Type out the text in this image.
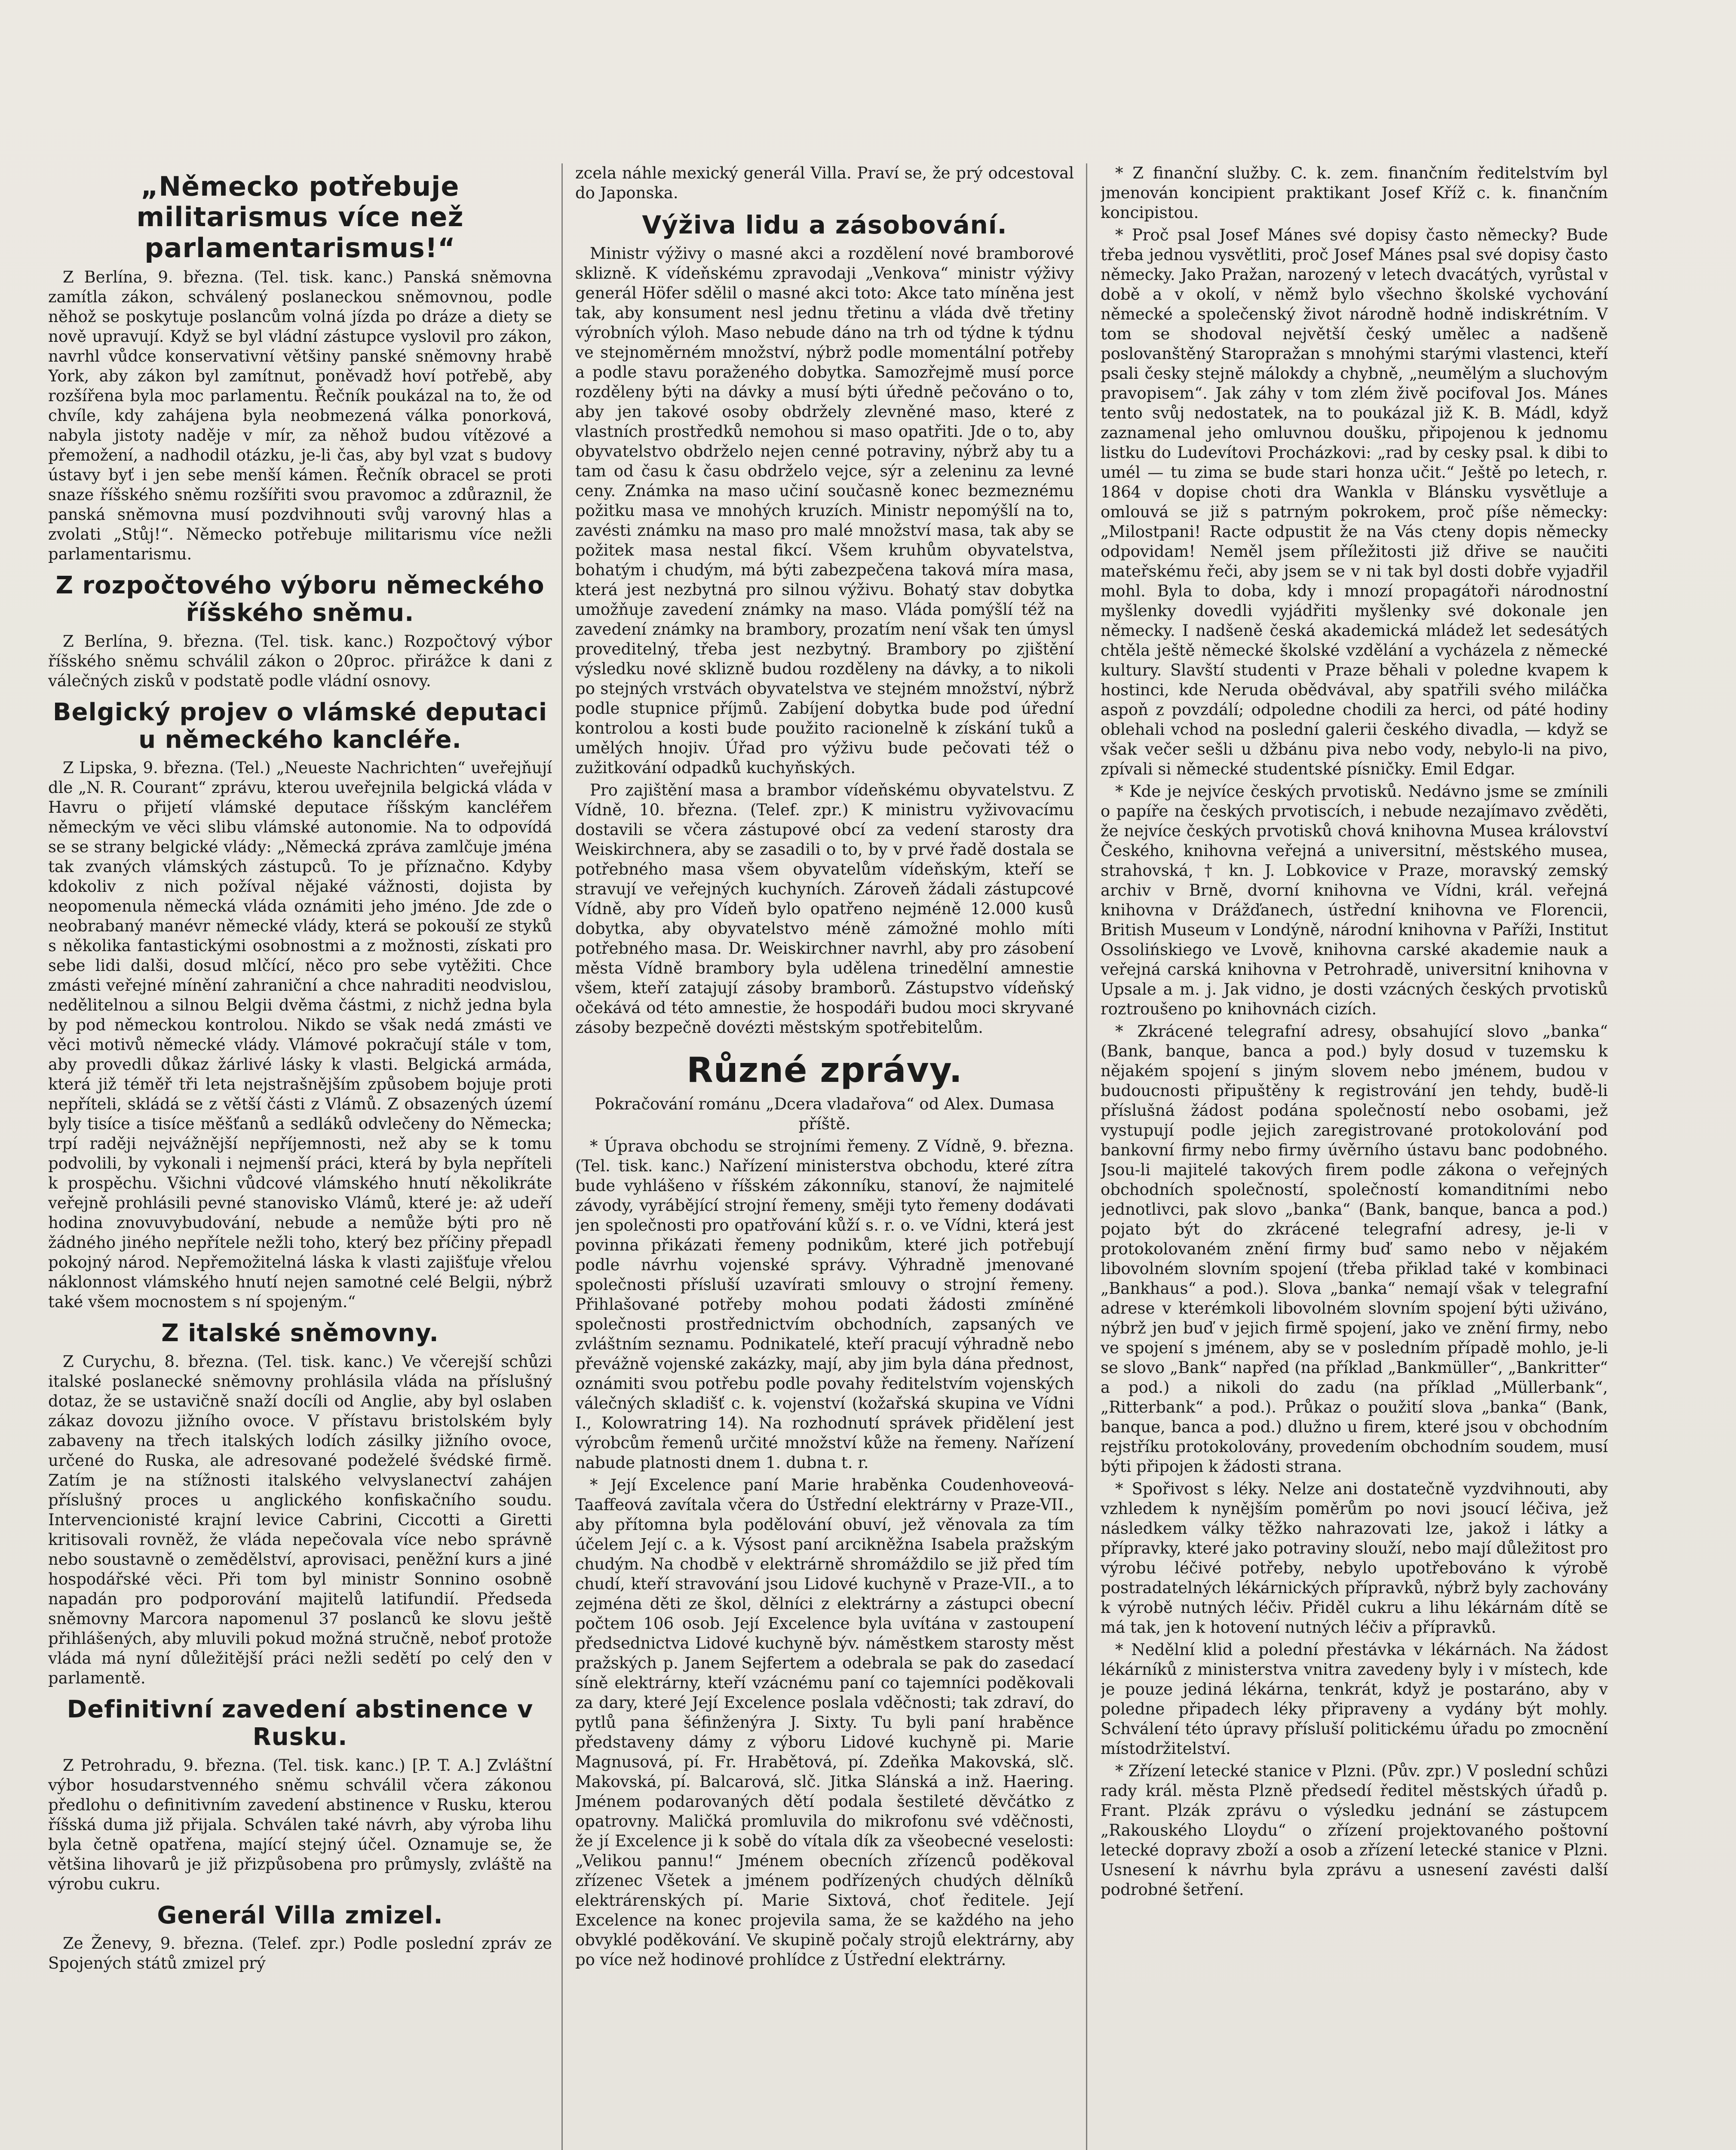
„Německo potřebuje militarismus více než parlamentarismus!“

Z Berlína, 9. března. (Tel. tisk. kanc.) Panská sněmovna zamítla zákon, schválený poslaneckou sněmovnou, podle něhož se poskytuje poslancům volná jízda po dráze a diety se nově upravují. Když se byl vládní zástupce vyslovil pro zákon, navrhl vůdce konservativní většiny panské sněmovny hrabě York, aby zákon byl zamítnut, poněvadž hoví potřebě, aby rozšířena byla moc parlamentu. Řečník poukázal na to, že od chvíle, kdy zahájena byla neobmezená válka ponorková, nabyla jistoty naděje v mír, za něhož budou vítězové a přemožení, a nadhodil otázku, je-li čas, aby byl vzat s budovy ústavy byť i jen sebe menší kámen. Řečník obracel se proti snaze říšského sněmu rozšířiti svou pravomoc a zdůraznil, že panská sněmovna musí pozdvihnouti svůj varovný hlas a zvolati „Stůj!“. Německo potřebuje militarismu více nežli parlamentarismu.

Z rozpočtového výboru německého říšského sněmu.

Z Berlína, 9. března. (Tel. tisk. kanc.) Rozpočtový výbor říšského sněmu schválil zákon o 20proc. přirážce k dani z válečných zisků v podstatě podle vládní osnovy.

Belgický projev o vlámské deputaci u německého kancléře.

Z Lipska, 9. března. (Tel.) „Neueste Nachrichten“ uveřejňují dle „N. R. Courant“ zprávu, kterou uveřejnila belgická vláda v Havru o přijetí vlámské deputace říšským kancléřem německým ve věci slibu vlámské autonomie. Na to odpovídá se se strany belgické vlády: „Německá zpráva zamlčuje jména tak zvaných vlámských zástupců. To je příznačno. Kdyby kdokoliv z nich požíval nějaké vážnosti, dojista by neopomenula německá vláda oznámiti jeho jméno. Jde zde o neobrabaný manévr německé vlády, která se pokouší ze styků s několika fantastickými osobnostmi a z možnosti, získati pro sebe lidi dalši, dosud mlčící, něco pro sebe vytěžiti. Chce zmásti veřejné mínění zahraniční a chce nahraditi neodvislou, nedělitelnou a silnou Belgii dvěma částmi, z nichž jedna byla by pod německou kontrolou. Nikdo se však nedá zmásti ve věci motivů německé vlády. Vlámové pokračují stále v tom, aby provedli důkaz žárlivé lásky k vlasti. Belgická armáda, která již téměř tři leta nejstrašnějším způsobem bojuje proti nepříteli, skládá se z větší části z Vlámů. Z obsazených území byly tisíce a tisíce měšťanů a sedláků odvlečeny do Německa; trpí raději nejvážnější nepříjemnosti, než aby se k tomu podvolili, by vykonali i nejmenší práci, která by byla nepříteli k prospěchu. Všichni vůdcové vlámského hnutí několikráte veřejně prohlásili pevné stanovisko Vlámů, které je: až udeří hodina znovuvybudování, nebude a nemůže býti pro ně žádného jiného nepřítele nežli toho, který bez příčiny přepadl pokojný národ. Nepřemožitelná láska k vlasti zajišťuje vřelou náklonnost vlámského hnutí nejen samotné celé Belgii, nýbrž také všem mocnostem s ní spojeným.“

Z italské sněmovny.

Z Curychu, 8. března. (Tel. tisk. kanc.) Ve včerejší schůzi italské poslanecké sněmovny prohlásila vláda na příslušný dotaz, že se ustavičně snaží docíli od Anglie, aby byl oslaben zákaz dovozu jižního ovoce. V přístavu bristolském byly zabaveny na třech italských lodích zásilky jižního ovoce, určené do Ruska, ale adresované podeželé švédské firmě. Zatím je na stížnosti italského velvyslanectví zahájen příslušný proces u anglického konfiskačního soudu. Intervencionisté krajní levice Cabrini, Ciccotti a Giretti kritisovali rovněž, že vláda nepečovala více nebo správně nebo soustavně o zemědělství, aprovisaci, peněžní kurs a jiné hospodářské věci. Při tom byl ministr Sonnino osobně napadán pro podporování majitelů latifundií. Předseda sněmovny Marcora napomenul 37 poslanců ke slovu ještě přihlášených, aby mluvili pokud možná stručně, neboť protože vláda má nyní důležitější práci nežli sedětí po celý den v parlamentě.

Definitivní zavedení abstinence v Rusku.

Z Petrohradu, 9. března. (Tel. tisk. kanc.) [P. T. A.] Zvláštní výbor hosudarstvenného sněmu schválil včera zákonou předlohu o definitivním zavedení abstinence v Rusku, kterou říšská duma již přijala. Schválen také návrh, aby výroba lihu byla četně opatřena, mající stejný účel. Oznamuje se, že většina lihovarů je již přizpůsobena pro průmysly, zvláště na výrobu cukru.

Generál Villa zmizel.

Ze Ženevy, 9. března. (Telef. zpr.) Podle poslední zpráv ze Spojených států zmizel prý

zcela náhle mexický generál Villa. Praví se, že prý odcestoval do Japonska.

Výživa lidu a zásobování.

Ministr výživy o masné akci a rozdělení nové bramborové sklizně. K vídeňskému zpravodaji „Venkova“ ministr výživy generál Höfer sdělil o masné akci toto: Akce tato míněna jest tak, aby konsument nesl jednu třetinu a vláda dvě třetiny výrobních výloh. Maso nebude dáno na trh od týdne k týdnu ve stejnoměrném množství, nýbrž podle momentální potřeby a podle stavu poraženého dobytka. Samozřejmě musí porce rozděleny býti na dávky a musí býti úředně pečováno o to, aby jen takové osoby obdržely zlevněné maso, které z vlastních prostředků nemohou si maso opatřiti. Jde o to, aby obyvatelstvo obdrželo nejen cenné potraviny, nýbrž aby tu a tam od času k času obdrželo vejce, sýr a zeleninu za levné ceny. Známka na maso učiní současně konec bezmeznému požitku masa ve mnohých kruzích. Ministr nepomýšlí na to, zavésti známku na maso pro malé množství masa, tak aby se požitek masa nestal fikcí. Všem kruhům obyvatelstva, bohatým i chudým, má býti zabezpečena taková míra masa, která jest nezbytná pro silnou výživu. Bohatý stav dobytka umožňuje zavedení známky na maso. Vláda pomýšlí též na zavedení známky na brambory, prozatím není však ten úmysl proveditelný, třeba jest nezbytný. Brambory po zjištění výsledku nové sklizně budou rozděleny na dávky, a to nikoli po stejných vrstvách obyvatelstva ve stejném množství, nýbrž podle stupnice příjmů. Zabíjení dobytka bude pod úřední kontrolou a kosti bude použito racionelně k získání tuků a umělých hnojiv. Úřad pro výživu bude pečovati též o zužitkování odpadků kuchyňských.

Pro zajištění masa a brambor vídeňskému obyvatelstvu. Z Vídně, 10. března. (Telef. zpr.) K ministru vyživovacímu dostavili se včera zástupové obcí za vedení starosty dra Weiskirchnera, aby se zasadili o to, by v prvé řadě dostala se potřebného masa všem obyvatelům vídeňským, kteří se stravují ve veřejných kuchyních. Zároveň žádali zástupcové Vídně, aby pro Vídeň bylo opatřeno nejméně 12.000 kusů dobytka, aby obyvatelstvo méně zámožné mohlo míti potřebného masa. Dr. Weiskirchner navrhl, aby pro zásobení města Vídně brambory byla udělena trinedělní amnestie všem, kteří zatajují zásoby bramborů. Zástupstvo vídeňský očekává od této amnestie, že hospodáři budou moci skryvané zásoby bezpečně dovézti městským spotřebitelům.

Různé zprávy.

Pokračování románu „Dcera vladařova“ od Alex. Dumasa příště.

* Úprava obchodu se strojními řemeny. Z Vídně, 9. března. (Tel. tisk. kanc.) Nařízení ministerstva obchodu, které zítra bude vyhlášeno v říšském zákonníku, stanoví, že najmitelé závody, vyrábějící strojní řemeny, směji tyto řemeny dodávati jen společnosti pro opatřování kůží s. r. o. ve Vídni, která jest povinna přikázati řemeny podnikům, které jich potřebují podle návrhu vojenské správy. Výhradně jmenované společnosti přísluší uzavírati smlouvy o strojní řemeny. Přihlašované potřeby mohou podati žádosti zmíněné společnosti prostřednictvím obchodních, zapsaných ve zvláštním seznamu. Podnikatelé, kteří pracují výhradně nebo převážně vojenské zakázky, mají, aby jim byla dána přednost, oznámiti svou potřebu podle povahy ředitelstvím vojenských válečných skladišť c. k. vojenství (kožařská skupina ve Vídni I., Kolowratring 14). Na rozhodnutí správek přidělení jest výrobcům řemenů určité množství kůže na řemeny. Nařízení nabude platnosti dnem 1. dubna t. r.

* Její Excelence paní Marie hraběnka Coudenhoveová-Taaffeová zavítala včera do Ústřední elektrárny v Praze-VII., aby přítomna byla podělování obuví, jež věnovala za tím účelem Její c. a k. Výsost paní arcikněžna Isabela pražským chudým. Na chodbě v elektrárně shromáždilo se již před tím chudí, kteří stravování jsou Lidové kuchyně v Praze-VII., a to zejména děti ze škol, dělníci z elektrárny a zástupci obecní počtem 106 osob. Její Excelence byla uvítána v zastoupení předsednictva Lidové kuchyně býv. náměstkem starosty měst pražských p. Janem Sejfertem a odebrala se pak do zasedací síně elektrárny, kteří vzácnému paní co tajemníci poděkovali za dary, které Její Excelence poslala vděčnosti; tak zdraví, do pytlů pana šéfinženýra J. Sixty. Tu byli paní hraběnce představeny dámy z výboru Lidové kuchyně pi. Marie Magnusová, pí. Fr. Hrabětová, pí. Zdeňka Makovská, slč. Makovská, pí. Balcarová, slč. Jitka Slánská a inž. Haering. Jménem podarovaných dětí podala šestileté děvčátko z opatrovny. Maličká promluvila do mikrofonu své vděčnosti, že jí Excelence ji k sobě do vítala dík za všeobecné veselosti: „Velikou pannu!“ Jménem obecních zřízenců poděkoval zřízenec Všetek a jménem podřízených chudých dělníků elektrárenských pí. Marie Sixtová, choť ředitele. Její Excelence na konec projevila sama, že se každého na jeho obvyklé poděkování. Ve skupině počaly strojů elektrárny, aby po více než hodinové prohlídce z Ústřední elektrárny.

* Z finanční služby. C. k. zem. finančním ředitelstvím byl jmenován koncipient praktikant Josef Kříž c. k. finančním koncipistou.

* Proč psal Josef Mánes své dopisy často německy? Bude třeba jednou vysvětliti, proč Josef Mánes psal své dopisy často německy. Jako Pražan, narozený v letech dvacátých, vyrůstal v době a v okolí, v němž bylo všechno školské vychování německé a společenský život národně hodně indiskrétním. V tom se shodoval největší český umělec a nadšeně poslovanštěný Staropražan s mnohými starými vlastenci, kteří psali česky stejně málokdy a chybně, „neumělým a sluchovým pravopisem“. Jak záhy v tom zlém živě pocifoval Jos. Mánes tento svůj nedostatek, na to poukázal již K. B. Mádl, když zaznamenal jeho omluvnou doušku, připojenou k jednomu listku do Ludevítovi Procházkovi: „rad by cesky psal. k dibi to umél — tu zima se bude stari honza učit.“ Ještě po letech, r. 1864 v dopise choti dra Wankla v Blánsku vysvětluje a omlouvá se již s patrným pokrokem, proč píše německy: „Milostpani! Racte odpustit že na Vás cteny dopis německy odpovidam! Neměl jsem příležitosti již dřive se naučiti mateřskému řeči, aby jsem se v ni tak byl dosti dobře vyjadřil mohl. Byla to doba, kdy i mnozí propagátoři národnostní myšlenky dovedli vyjádřiti myšlenky své dokonale jen německy. I nadšeně česká akademická mládež let sedesátých chtěla ještě německé školské vzdělání a vycházela z německé kultury. Slavští studenti v Praze běhali v poledne kvapem k hostinci, kde Neruda obědvával, aby spatřili svého miláčka aspoň z povzdálí; odpoledne chodili za herci, od páté hodiny oblehali vchod na poslední galerii českého divadla, — když se však večer sešli u džbánu piva nebo vody, nebylo-li na pivo, zpívali si německé studentské písničky. Emil Edgar.

* Kde je nejvíce českých prvotisků. Nedávno jsme se zmínili o papíře na českých prvotiscích, i nebude nezajímavo zvěděti, že nejvíce českých prvotisků chová knihovna Musea království Českého, knihovna veřejná a universitní, městského musea, strahovská, † kn. J. Lobkovice v Praze, moravský zemský archiv v Brně, dvorní knihovna ve Vídni, král. veřejná knihovna v Drážďanech, ústřední knihovna ve Florencii, British Museum v Londýně, národní knihovna v Paříži, Institut Ossolińskiego ve Lvově, knihovna carské akademie nauk a veřejná carská knihovna v Petrohradě, universitní knihovna v Upsale a m. j. Jak vidno, je dosti vzácných českých prvotisků roztroušeno po knihovnách cizích.

* Zkrácené telegrafní adresy, obsahující slovo „banka“ (Bank, banque, banca a pod.) byly dosud v tuzemsku k nějakém spojení s jiným slovem nebo jménem, budou v budoucnosti připuštěny k registrování jen tehdy, budě-li příslušná žádost podána společností nebo osobami, jež vystupují podle jejich zaregistrované protokolování pod bankovní firmy nebo firmy úvěrního ústavu banc podobného. Jsou-li majitelé takových firem podle zákona o veřejných obchodních společností, společností komanditními nebo jednotlivci, pak slovo „banka“ (Bank, banque, banca a pod.) pojato být do zkrácené telegrafní adresy, je-li v protokolovaném znění firmy buď samo nebo v nějakém libovolném slovním spojení (třeba přiklad také v kombinaci „Bankhaus“ a pod.). Slova „banka“ nemají však v telegrafní adrese v kterémkoli libovolném slovním spojení býti uživáno, nýbrž jen buď v jejich firmě spojení, jako ve znění firmy, nebo ve spojení s jménem, aby se v posledním případě mohlo, je-li se slovo „Bank“ napřed (na příklad „Bankmüller“, „Bankritter“ a pod.) a nikoli do zadu (na příklad „Müllerbank“, „Ritterbank“ a pod.). Průkaz o použití slova „banka“ (Bank, banque, banca a pod.) dlužno u firem, které jsou v obchodním rejstříku protokolovány, provedením obchodním soudem, musí býti připojen k žádosti strana.

* Spořivost s léky. Nelze ani dostatečně vyzdvihnouti, aby vzhledem k nynějším poměrům po novi jsoucí léčiva, jež následkem války těžko nahrazovati lze, jakož i látky a přípravky, které jako potraviny slouží, nebo mají důležitost pro výrobu léčivé potřeby, nebylo upotřebováno k výrobě postradatelných lékárnických přípravků, nýbrž byly zachovány k výrobě nutných léčiv. Přiděl cukru a lihu lékárnám dítě se má tak, jen k hotovení nutných léčiv a přípravků.

* Nedělní klid a polední přestávka v lékárnách. Na žádost lékárníků z ministerstva vnitra zavedeny byly i v místech, kde je pouze jediná lékárna, tenkrát, když je postaráno, aby v poledne připadech léky připraveny a vydány být mohly. Schválení této úpravy přísluší politickému úřadu po zmocnění místodržitelství.

* Zřízení letecké stanice v Plzni. (Pův. zpr.) V poslední schůzi rady král. města Plzně předsedí ředitel městských úřadů p. Frant. Plzák zprávu o výsledku jednání se zástupcem „Rakouského Lloydu“ o zřízení projektovaného poštovní letecké dopravy zboží a osob a zřízení letecké stanice v Plzni. Usnesení k návrhu byla zprávu a usnesení zavésti další podrobné šetření.
